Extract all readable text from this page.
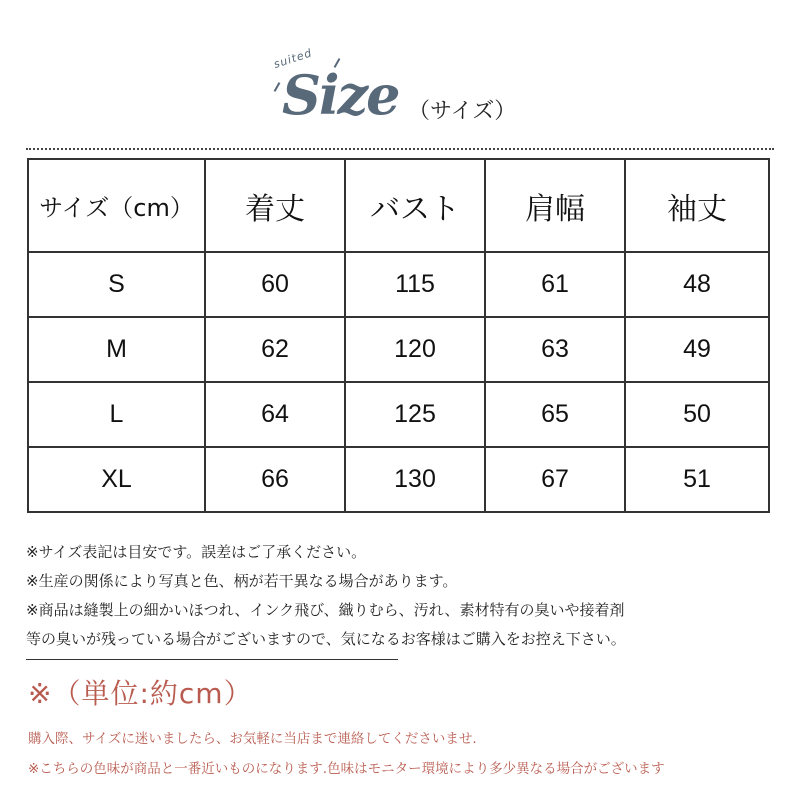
suited
Size （サイズ）
サイズ（cm）	着丈	バスト	肩幅	袖丈
S	60	115	61	48
M	62	120	63	49
L	64	125	65	50
XL	66	130	67	51

※サイズ表記は目安です。誤差はご了承ください。

※生産の関係により写真と色、柄が若干異なる場合があります。

※商品は縫製上の細かいほつれ、インク飛び、織りむら、汚れ、素材特有の臭いや接着剤

等の臭いが残っている場合がございますので、気になるお客様はご購入をお控え下さい。

※（単位:約cm）

購入際、サイズに迷いましたら、お気軽に当店まで連絡してくださいませ.

※こちらの色味が商品と一番近いものになります.色味はモニター環境により多少異なる場合がございます
